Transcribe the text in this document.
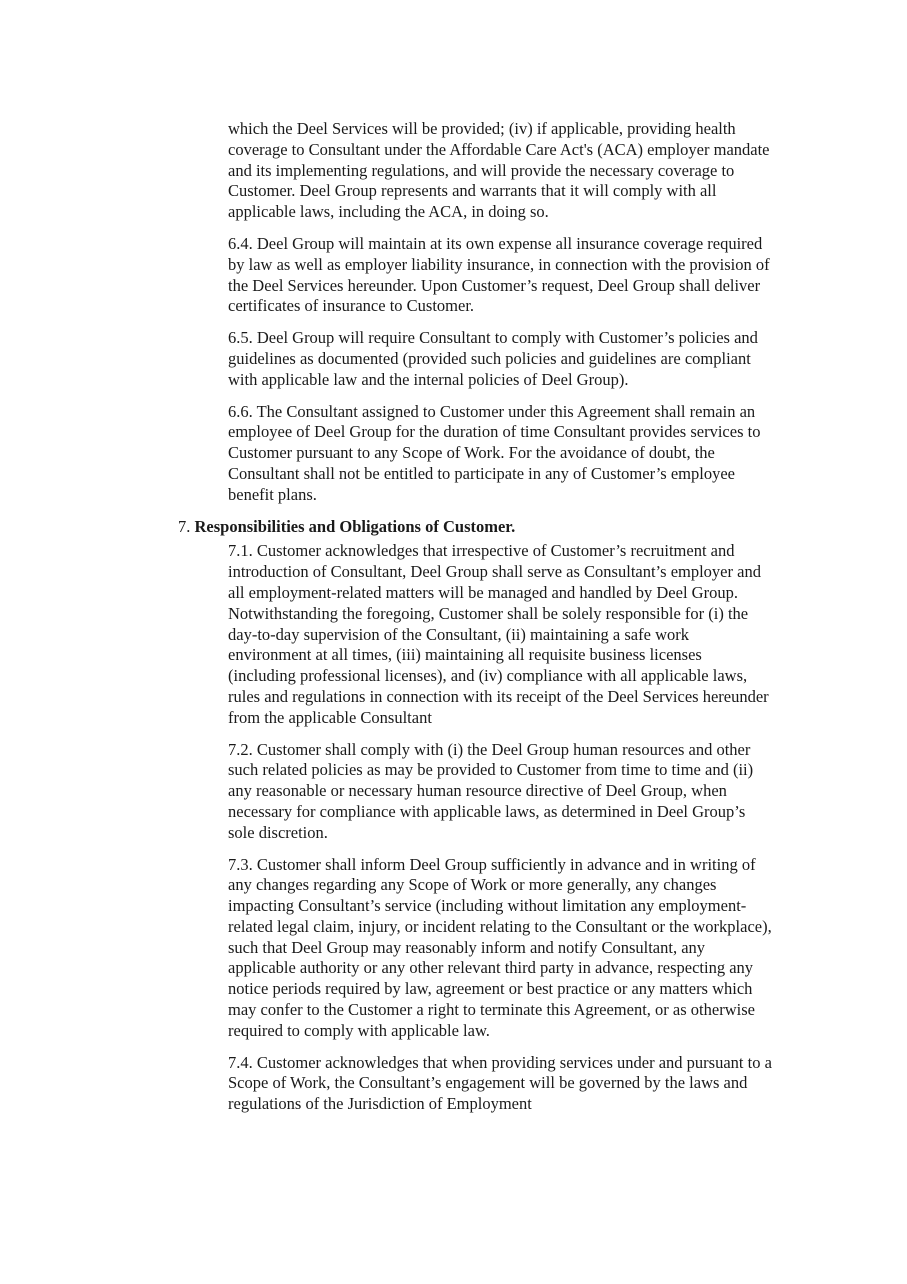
which the Deel Services will be provided; (iv) if applicable, providing health coverage to Consultant under the Affordable Care Act's (ACA) employer mandate and its implementing regulations, and will provide the necessary coverage to Customer. Deel Group represents and warrants that it will comply with all applicable laws, including the ACA, in doing so.

6.4. Deel Group will maintain at its own expense all insurance coverage required by law as well as employer liability insurance, in connection with the provision of the Deel Services hereunder. Upon Customer’s request, Deel Group shall deliver certificates of insurance to Customer.

6.5. Deel Group will require Consultant to comply with Customer’s policies and guidelines as documented (provided such policies and guidelines are compliant with applicable law and the internal policies of Deel Group).

6.6. The Consultant assigned to Customer under this Agreement shall remain an employee of Deel Group for the duration of time Consultant provides services to Customer pursuant to any Scope of Work. For the avoidance of doubt, the Consultant shall not be entitled to participate in any of Customer’s employee benefit plans.

7. Responsibilities and Obligations of Customer.

7.1. Customer acknowledges that irrespective of Customer’s recruitment and introduction of Consultant, Deel Group shall serve as Consultant’s employer and all employment-related matters will be managed and handled by Deel Group. Notwithstanding the foregoing, Customer shall be solely responsible for (i) the day-to-day supervision of the Consultant, (ii) maintaining a safe work environment at all times, (iii) maintaining all requisite business licenses (including professional licenses), and (iv) compliance with all applicable laws, rules and regulations in connection with its receipt of the Deel Services hereunder from the applicable Consultant

7.2. Customer shall comply with (i) the Deel Group human resources and other such related policies as may be provided to Customer from time to time and (ii) any reasonable or necessary human resource directive of Deel Group, when necessary for compliance with applicable laws, as determined in Deel Group’s sole discretion.

7.3. Customer shall inform Deel Group sufficiently in advance and in writing of any changes regarding any Scope of Work or more generally, any changes impacting Consultant’s service (including without limitation any employment-related legal claim, injury, or incident relating to the Consultant or the workplace), such that Deel Group may reasonably inform and notify Consultant, any applicable authority or any other relevant third party in advance, respecting any notice periods required by law, agreement or best practice or any matters which may confer to the Customer a right to terminate this Agreement, or as otherwise required to comply with applicable law.

7.4. Customer acknowledges that when providing services under and pursuant to a Scope of Work, the Consultant’s engagement will be governed by the laws and regulations of the Jurisdiction of Employment
